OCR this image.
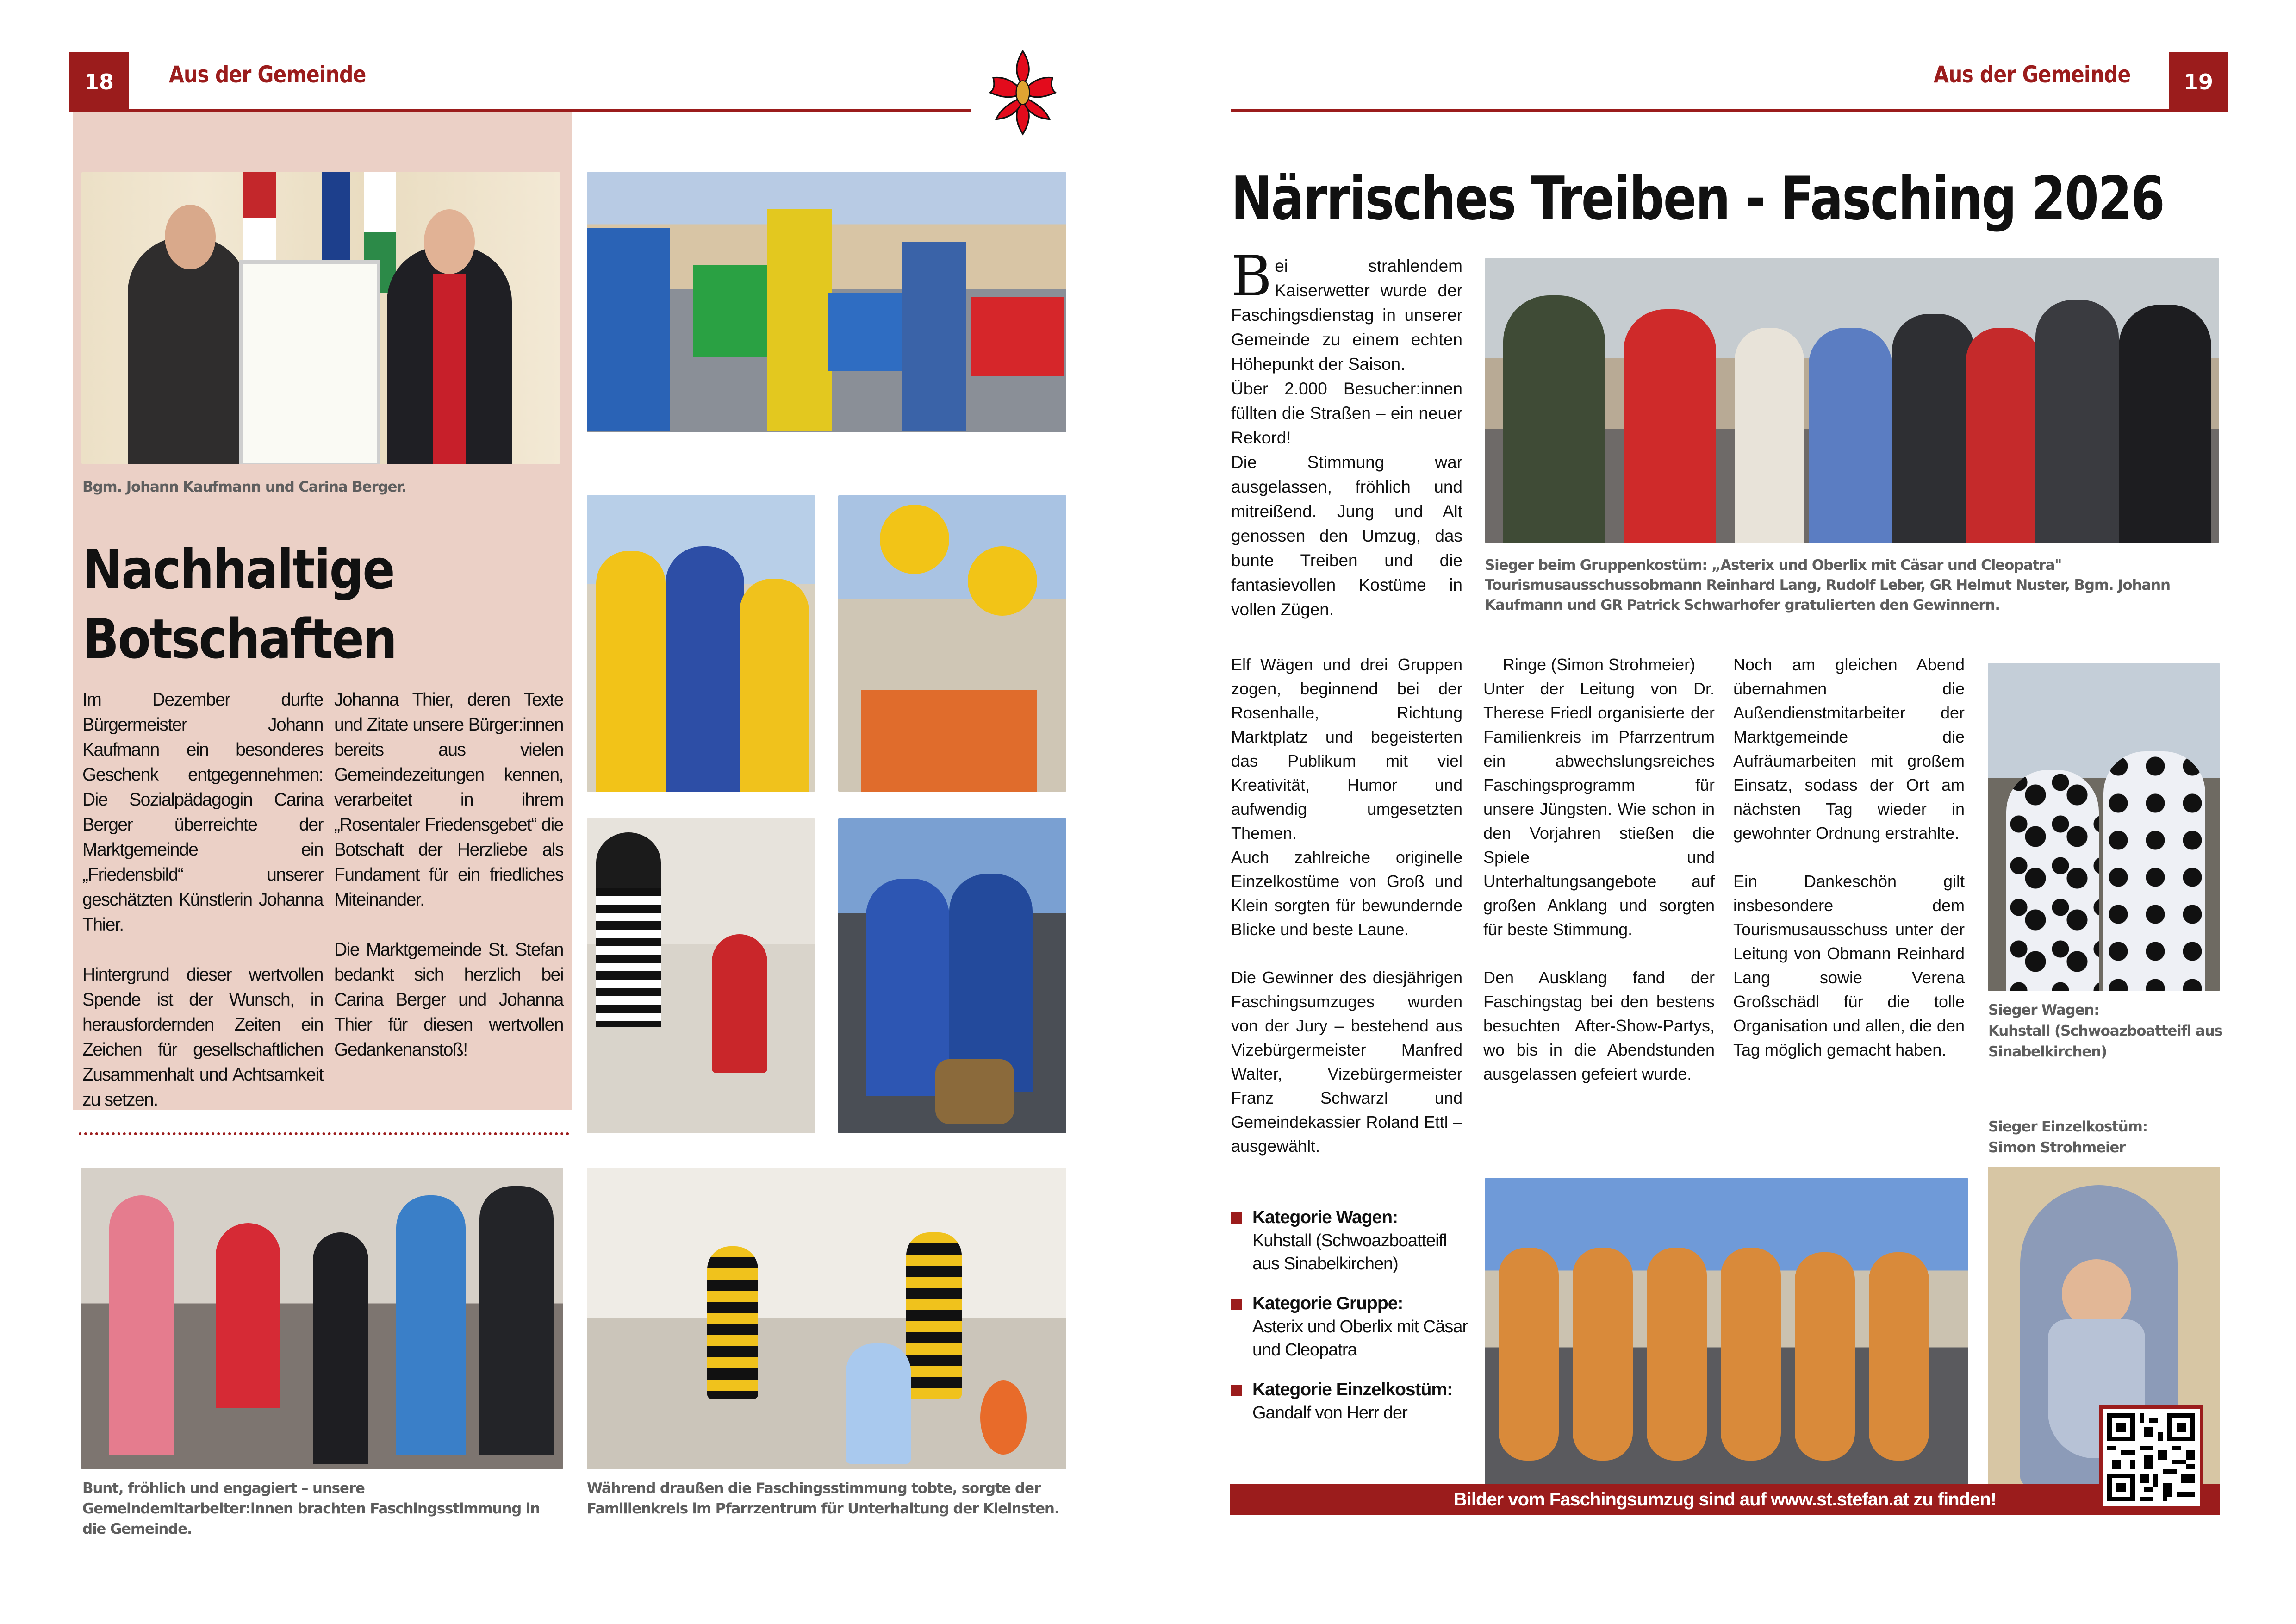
18	Aus der Gemeinde
Bgm. Johann Kaufmann und Carina Berger.
Nachhaltige
Botschaften

Im Dezember durfte Bürgermeister Johann Kaufmann ein besonderes Geschenk entgegennehmen: Die Sozialpädagogin Carina Berger überreichte der Marktgemeinde ein „Friedensbild“ unserer geschätzten Künstlerin Johanna Thier.

Hintergrund dieser wertvollen Spende ist der Wunsch, in herausfordernden Zeiten ein Zeichen für gesellschaftlichen Zusammenhalt und Achtsamkeit zu setzen.

Johanna Thier, deren Texte und Zitate unsere Bürger:innen bereits aus vielen Gemeindezeitungen kennen, verarbeitet in ihrem „Rosentaler Friedensgebet“ die Botschaft der Herzliebe als Fundament für ein friedliches Miteinander.

Die Marktgemeinde St. Stefan bedankt sich herzlich bei Carina Berger und Johanna Thier für diesen wertvollen Gedankenanstoß!

Bunt, fröhlich und engagiert – unsere Gemeindemitarbeiter:innen brachten Faschingsstimmung in die Gemeinde.
Während draußen die Faschingsstimmung tobte, sorgte der Familienkreis im Pfarrzentrum für Unterhaltung der Kleinsten.
19
Aus der Gemeinde
Närrisches Treiben - Fasching 2026

Bei strahlendem Kaiserwetter wurde der Faschingsdienstag in unserer Gemeinde zu einem echten Höhepunkt der Saison.

Über 2.000 Besucher:innen füllten die Straßen – ein neuer Rekord!

Die Stimmung war ausgelassen, fröhlich und mitreißend. Jung und Alt genossen den Umzug, das bunte Treiben und die fantasievollen Kostüme in vollen Zügen.

Sieger beim Gruppenkostüm: „Asterix und Oberlix mit Cäsar und Cleopatra"
Tourismusausschussobmann Reinhard Lang, Rudolf Leber, GR Helmut Nuster, Bgm. Johann Kaufmann und GR Patrick Schwarhofer gratulierten den Gewinnern.

Elf Wägen und drei Gruppen zogen, beginnend bei der Rosenhalle, Richtung Marktplatz und begeisterten das Publikum mit viel Kreativität, Humor und aufwendig umgesetzten Themen.

Auch zahlreiche originelle Einzelkostüme von Groß und Klein sorgten für bewundernde Blicke und beste Laune.

Die Gewinner des diesjährigen Faschingsumzuges wurden von der Jury – bestehend aus Vizebürgermeister Manfred Walter, Vizebürgermeister Franz Schwarzl und Gemeindekassier Roland Ettl – ausgewählt.

Kategorie Wagen:
Kuhstall (Schwoazboatteifl aus Sinabelkirchen)
Kategorie Gruppe:
Asterix und Oberlix mit Cäsar und Cleopatra
Kategorie Einzelkostüm:
Gandalf von Herr der

Ringe (Simon Strohmeier)

Unter der Leitung von Dr. Therese Friedl organisierte der Familienkreis im Pfarrzentrum ein abwechslungsreiches Faschingsprogramm für unsere Jüngsten. Wie schon in den Vorjahren stießen die Spiele und Unterhaltungsangebote auf großen Anklang und sorgten für beste Stimmung.

Den Ausklang fand der Faschingstag bei den bestens besuchten After-Show-Partys, wo bis in die Abendstunden ausgelassen gefeiert wurde.

Noch am gleichen Abend übernahmen die Außendienstmitarbeiter der Marktgemeinde die Aufräumarbeiten mit großem Einsatz, sodass der Ort am nächsten Tag wieder in gewohnter Ordnung erstrahlte.

Ein Dankeschön gilt insbesondere dem Tourismusausschuss unter der Leitung von Obmann Reinhard Lang sowie Verena Großschädl für die tolle Organisation und allen, die den Tag möglich gemacht haben.

Sieger Wagen:
Kuhstall (Schwoazboatteifl aus Sinabelkirchen)
Sieger Einzelkostüm:
Simon Strohmeier
Bilder vom Faschingsumzug sind auf www.st.stefan.at zu finden!
